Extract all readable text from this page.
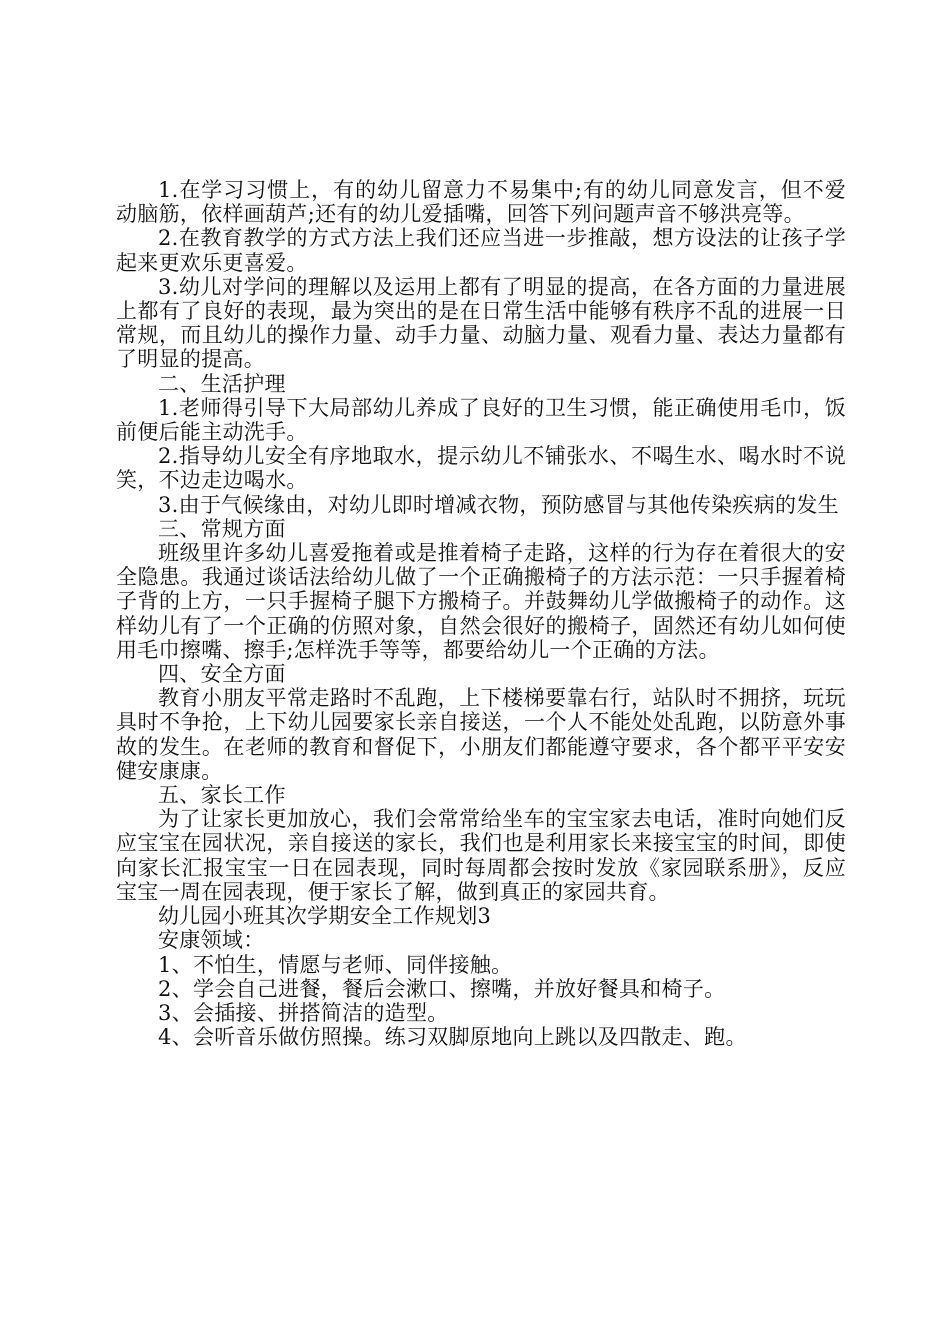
1.在学习习惯上，有的幼儿留意力不易集中;有的幼儿同意发言，但不爱动脑筋，依样画葫芦;还有的幼儿爱插嘴，回答下列问题声音不够洪亮等。

2.在教育教学的方式方法上我们还应当进一步推敲，想方设法的让孩子学起来更欢乐更喜爱。

3.幼儿对学问的理解以及运用上都有了明显的提高，在各方面的力量进展上都有了良好的表现，最为突出的是在日常生活中能够有秩序不乱的进展一日常规，而且幼儿的操作力量、动手力量、动脑力量、观看力量、表达力量都有了明显的提高。

二、生活护理

1.老师得引导下大局部幼儿养成了良好的卫生习惯，能正确使用毛巾，饭前便后能主动洗手。

2.指导幼儿安全有序地取水，提示幼儿不铺张水、不喝生水、喝水时不说笑，不边走边喝水。

3.由于气候缘由，对幼儿即时增减衣物，预防感冒与其他传染疾病的发生

三、常规方面

班级里许多幼儿喜爱拖着或是推着椅子走路，这样的行为存在着很大的安全隐患。我通过谈话法给幼儿做了一个正确搬椅子的方法示范：一只手握着椅子背的上方，一只手握椅子腿下方搬椅子。并鼓舞幼儿学做搬椅子的动作。这样幼儿有了一个正确的仿照对象，自然会很好的搬椅子，固然还有幼儿如何使用毛巾擦嘴、擦手;怎样洗手等等，都要给幼儿一个正确的方法。

四、安全方面

教育小朋友平常走路时不乱跑，上下楼梯要靠右行，站队时不拥挤，玩玩具时不争抢，上下幼儿园要家长亲自接送，一个人不能处处乱跑，以防意外事故的发生。在老师的教育和督促下，小朋友们都能遵守要求，各个都平平安安健安康康。

五、家长工作

为了让家长更加放心，我们会常常给坐车的宝宝家去电话，准时向她们反应宝宝在园状况，亲自接送的家长，我们也是利用家长来接宝宝的时间，即使向家长汇报宝宝一日在园表现，同时每周都会按时发放《家园联系册》，反应宝宝一周在园表现，便于家长了解，做到真正的家园共育。

幼儿园小班其次学期安全工作规划3

安康领域：

1、不怕生，情愿与老师、同伴接触。

2、学会自己进餐，餐后会漱口、擦嘴，并放好餐具和椅子。

3、会插接、拼搭简洁的造型。

4、会听音乐做仿照操。练习双脚原地向上跳以及四散走、跑。
